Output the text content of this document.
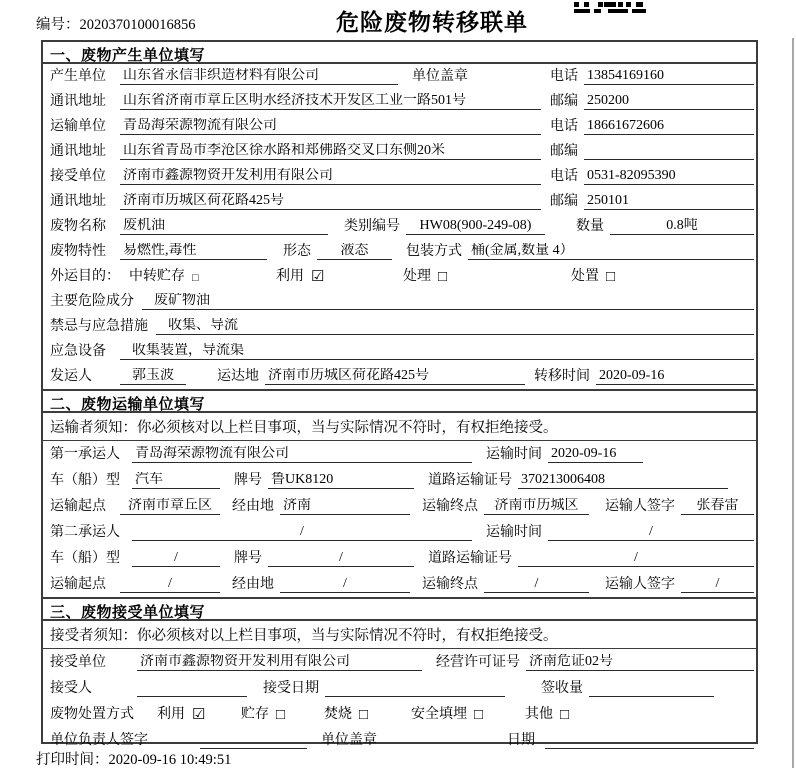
编号：2020370100016856	危险废物转移联单
一、废物产生单位填写
产生单位	山东省永信非织造材料有限公司	单位盖章	电话 13854169160
通讯地址	山东省济南市章丘区明水经济技术开发区工业一路501号	邮编 250200
运输单位	青岛海荣源物流有限公司	电话 18661672606
通讯地址	山东省青岛市李沧区徐水路和郑佛路交叉口东侧20米	邮编
接受单位	济南市鑫源物资开发利用有限公司	电话 0531-82095390
通讯地址	济南市历城区荷花路425号	邮编 250101
废物名称	废机油	类别编号	HW08(900-249-08)	数量	0.8吨
废物特性	易燃性,毒性	形态	液态	包装方式 桶(金属,数量 4）
外运目的： 中转贮存 □	利用 ☑	处理 □	处置 □
主要危险成分	废矿物油
禁忌与应急措施	收集、导流
应急设备	收集装置，导流渠
发运人	郭玉波	运达地 济南市历城区荷花路425号	转移时间 2020-09-16
二、废物运输单位填写
运输者须知：你必须核对以上栏目事项，当与实际情况不符时，有权拒绝接受。
第一承运人	青岛海荣源物流有限公司	运输时间 2020-09-16
车（船）型	汽车	牌号 鲁UK8120	道路运输证号 370213006408
运输起点	济南市章丘区	经由地 济南	运输终点	济南市历城区	运输人签字	张春雷
第二承运人	/	运输时间	/
车（船）型	/	牌号	/	道路运输证号	/
运输起点	/	经由地	/	运输终点	/	运输人签字	/
三、废物接受单位填写
接受者须知：你必须核对以上栏目事项，当与实际情况不符时，有权拒绝接受。
接受单位	济南市鑫源物资开发利用有限公司	经营许可证号 济南危证02号
接受人	接受日期	签收量
废物处置方式 利用 ☑	贮存 □	焚烧 □	安全填埋 □	其他 □
单位负责人签字	单位盖章	日期
打印时间：2020-09-16 10:49:51
